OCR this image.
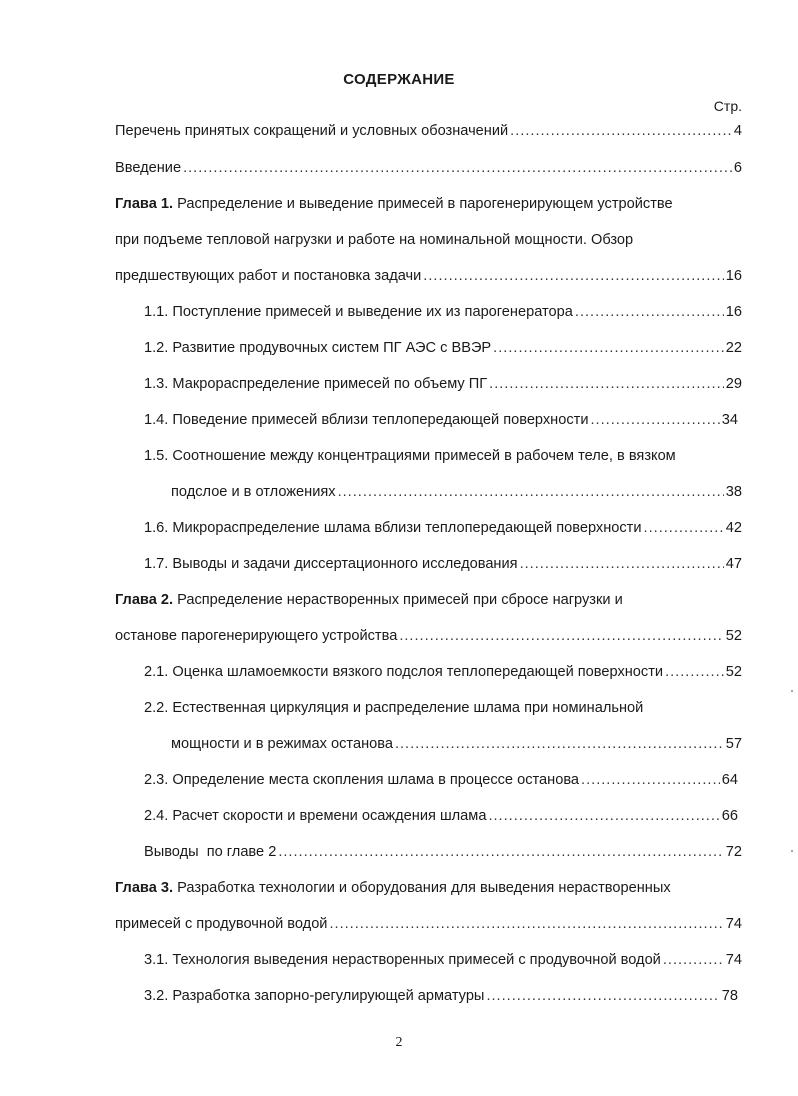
СОДЕРЖАНИЕ
Стр.
Перечень принятых сокращений и условных обозначений .....	4
Введение .....	6
Глава 1. Распределение и выведение примесей в парогенерирующем устройстве
при подъеме тепловой нагрузки и работе на номинальной мощности. Обзор
предшествующих работ и постановка задачи .....	16
1.1. Поступление примесей и выведение их из парогенератора .....	16
1.2. Развитие продувочных систем ПГ АЭС с ВВЭР .....	22
1.3. Макрораспределение примесей по объему ПГ .....	29
1.4. Поведение примесей вблизи теплопередающей поверхности .....	34
1.5. Соотношение между концентрациями примесей в рабочем теле, в вязком
подслое и в отложениях .....	38
1.6. Микрораспределение шлама вблизи теплопередающей поверхности .....	42
1.7. Выводы и задачи диссертационного исследования .....	47
Глава 2. Распределение нерастворенных примесей при сбросе нагрузки и
останове парогенерирующего устройства .....	52
2.1. Оценка шламоемкости вязкого подслоя теплопередающей поверхности .....	52
2.2. Естественная циркуляция и распределение шлама при номинальной
мощности и в режимах останова .....	57
2.3. Определение места скопления шлама в процессе останова .....	64
2.4. Расчет скорости и времени осаждения шлама .....	66
Выводы  по главе 2 .....	72
Глава 3. Разработка технологии и оборудования для выведения нерастворенных
примесей с продувочной водой .....	74
3.1. Технология выведения нерастворенных примесей с продувочной водой .....	74
3.2. Разработка запорно-регулирующей арматуры .....	78
2
